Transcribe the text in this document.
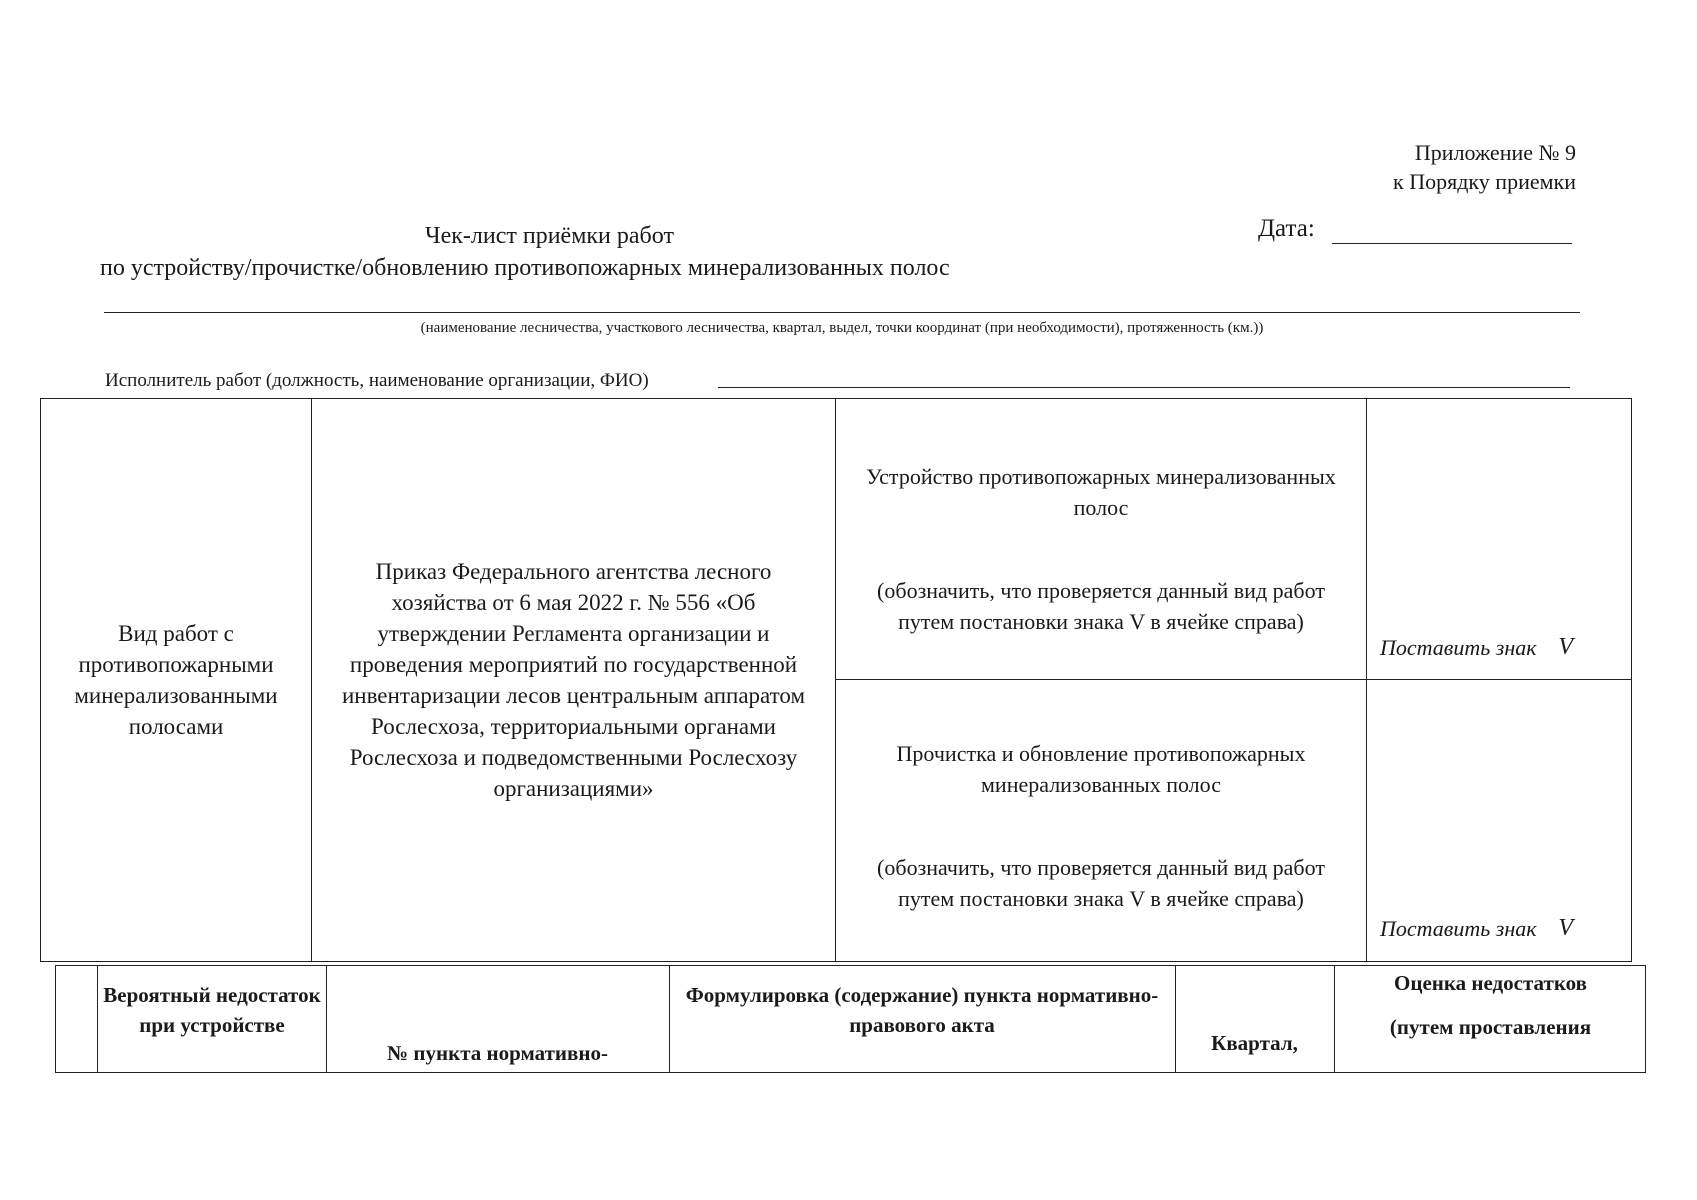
Приложение № 9
к Порядку приемки
Чек-лист приёмки работ
по устройству/прочистке/обновлению противопожарных минерализованных полос
Дата:
(наименование лесничества, участкового лесничества, квартал, выдел, точки координат (при необходимости), протяженность (км.))
Исполнитель работ (должность, наименование организации, ФИО)
Вид работ с противопожарными минерализованными полосами
Приказ Федерального агентства лесного хозяйства от 6 мая 2022 г. № 556 «Об утверждении Регламента организации и проведения мероприятий по государственной инвентаризации лесов центральным аппаратом Рослесхоза, территориальными органами Рослесхоза и подведомственными Рослесхозу организациями»
Устройство противопожарных минерализованных полос
(обозначить, что проверяется данный вид работ путем постановки знака V в ячейке справа)
Поставить знак V
Прочистка и обновление противопожарных минерализованных полос
(обозначить, что проверяется данный вид работ путем постановки знака V в ячейке справа)
Поставить знак V
Вероятный недостаток при устройстве
№ пункта нормативно-
Формулировка (содержание) пункта нормативно-правового акта
Квартал,
Оценка недостатков
(путем проставления
